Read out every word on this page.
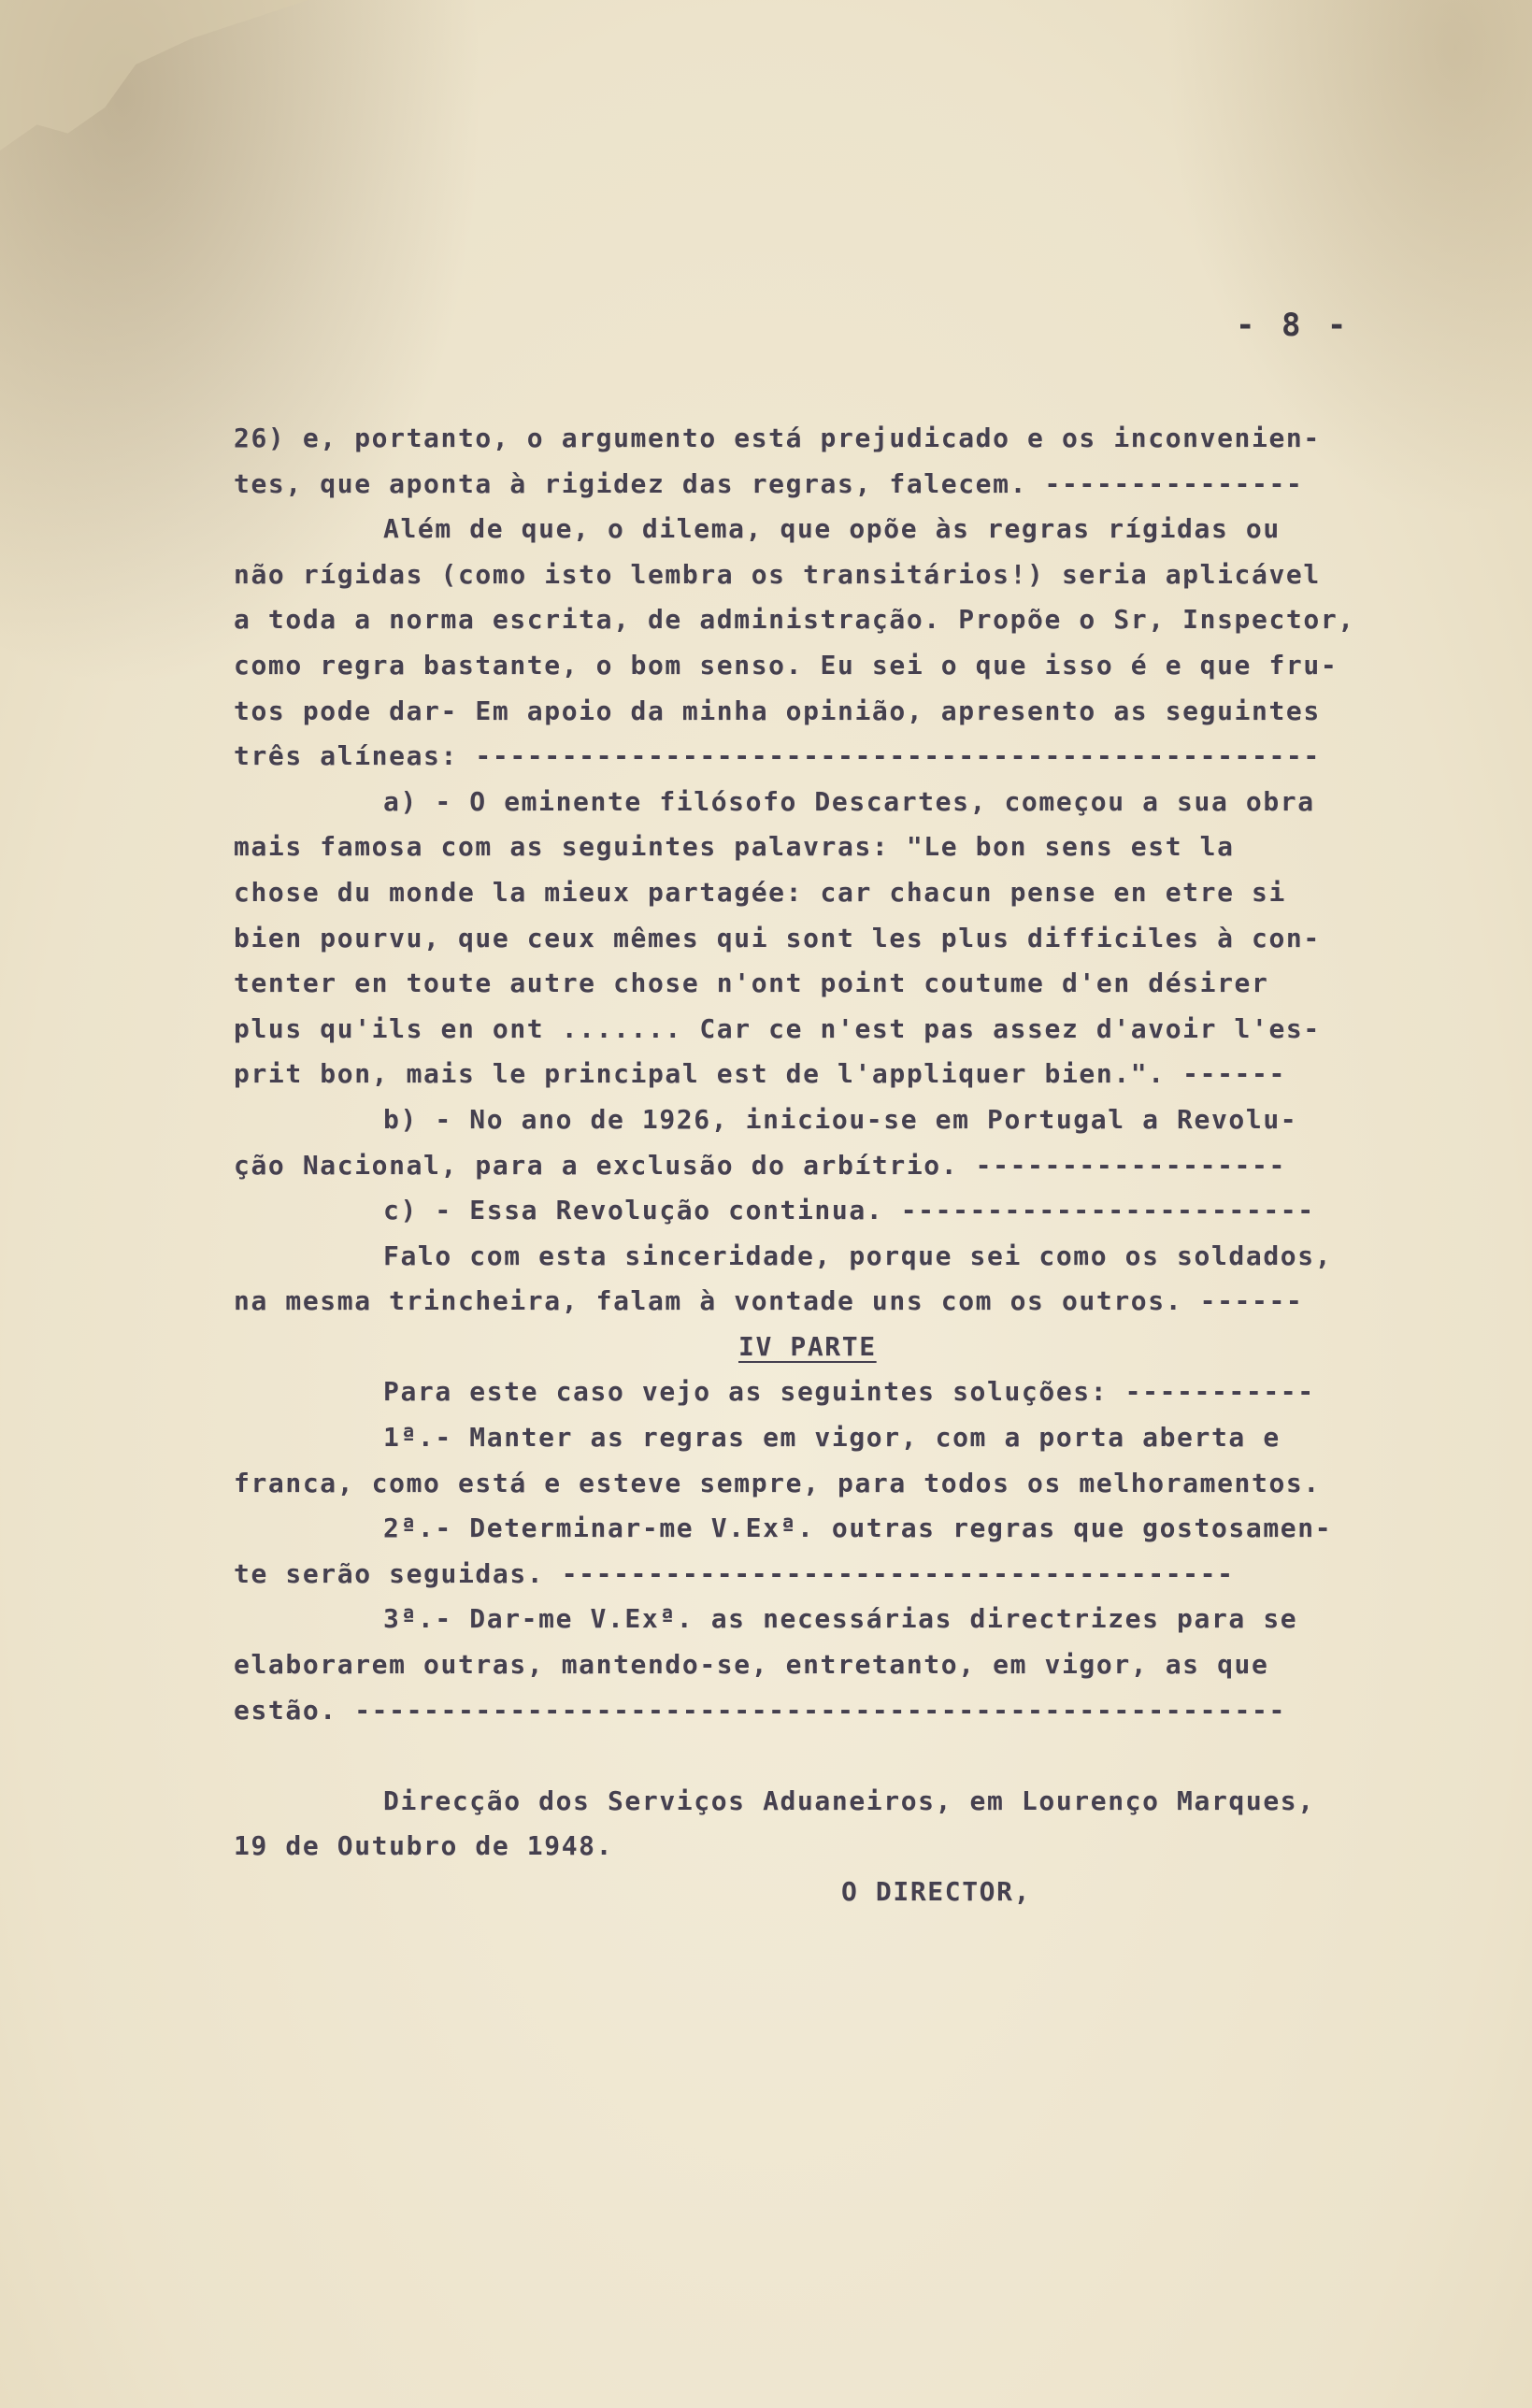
- 8 -
26) e, portanto, o argumento está prejudicado e os inconvenien-
tes, que aponta à rigidez das regras, falecem. ---------------
Além de que, o dilema, que opõe às regras rígidas ou
não rígidas (como isto lembra os transitários!) seria aplicável
a toda a norma escrita, de administração. Propõe o Sr, Inspector,
como regra bastante, o bom senso. Eu sei o que isso é e que fru-
tos pode dar- Em apoio da minha opinião, apresento as seguintes
três alíneas: -------------------------------------------------
a) - O eminente filósofo Descartes, começou a sua obra
mais famosa com as seguintes palavras: "Le bon sens est la
chose du monde la mieux partagée: car chacun pense en etre si
bien pourvu, que ceux mêmes qui sont les plus difficiles à con-
tenter en toute autre chose n'ont point coutume d'en désirer
plus qu'ils en ont ....... Car ce n'est pas assez d'avoir l'es-
prit bon, mais le principal est de l'appliquer bien.". ------
b) - No ano de 1926, iniciou-se em Portugal a Revolu-
ção Nacional, para a exclusão do arbítrio. ------------------
c) - Essa Revolução continua. ------------------------
Falo com esta sinceridade, porque sei como os soldados,
na mesma trincheira, falam à vontade uns com os outros. ------
IV PARTE
Para este caso vejo as seguintes soluções: -----------
1ª.- Manter as regras em vigor, com a porta aberta e
franca, como está e esteve sempre, para todos os melhoramentos.
2ª.- Determinar-me V.Exª. outras regras que gostosamen-
te serão seguidas. ---------------------------------------
3ª.- Dar-me V.Exª. as necessárias directrizes para se
elaborarem outras, mantendo-se, entretanto, em vigor, as que
estão. ------------------------------------------------------
Direcção dos Serviços Aduaneiros, em Lourenço Marques,
19 de Outubro de 1948.
O DIRECTOR,
